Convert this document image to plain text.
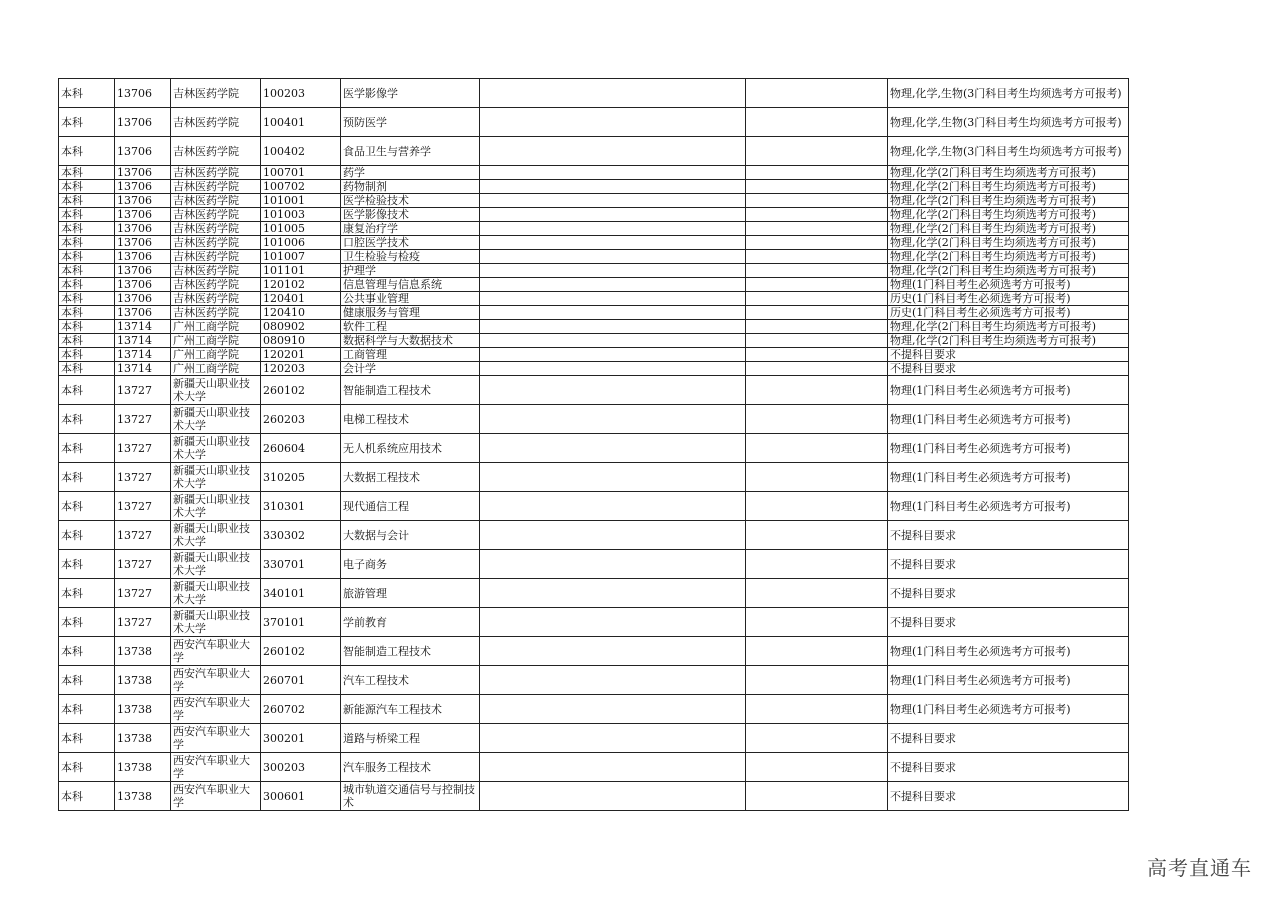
本科	13706	吉林医药学院	100203	医学影像学			物理,化学,生物(3门科目考生均须选考方可报考)
本科	13706	吉林医药学院	100401	预防医学			物理,化学,生物(3门科目考生均须选考方可报考)
本科	13706	吉林医药学院	100402	食品卫生与营养学			物理,化学,生物(3门科目考生均须选考方可报考)
本科	13706	吉林医药学院	100701	药学			物理,化学(2门科目考生均须选考方可报考)
本科	13706	吉林医药学院	100702	药物制剂			物理,化学(2门科目考生均须选考方可报考)
本科	13706	吉林医药学院	101001	医学检验技术			物理,化学(2门科目考生均须选考方可报考)
本科	13706	吉林医药学院	101003	医学影像技术			物理,化学(2门科目考生均须选考方可报考)
本科	13706	吉林医药学院	101005	康复治疗学			物理,化学(2门科目考生均须选考方可报考)
本科	13706	吉林医药学院	101006	口腔医学技术			物理,化学(2门科目考生均须选考方可报考)
本科	13706	吉林医药学院	101007	卫生检验与检疫			物理,化学(2门科目考生均须选考方可报考)
本科	13706	吉林医药学院	101101	护理学			物理,化学(2门科目考生均须选考方可报考)
本科	13706	吉林医药学院	120102	信息管理与信息系统			物理(1门科目考生必须选考方可报考)
本科	13706	吉林医药学院	120401	公共事业管理			历史(1门科目考生必须选考方可报考)
本科	13706	吉林医药学院	120410	健康服务与管理			历史(1门科目考生必须选考方可报考)
本科	13714	广州工商学院	080902	软件工程			物理,化学(2门科目考生均须选考方可报考)
本科	13714	广州工商学院	080910	数据科学与大数据技术			物理,化学(2门科目考生均须选考方可报考)
本科	13714	广州工商学院	120201	工商管理			不提科目要求
本科	13714	广州工商学院	120203	会计学			不提科目要求
本科	13727	新疆天山职业技术大学	260102	智能制造工程技术			物理(1门科目考生必须选考方可报考)
本科	13727	新疆天山职业技术大学	260203	电梯工程技术			物理(1门科目考生必须选考方可报考)
本科	13727	新疆天山职业技术大学	260604	无人机系统应用技术			物理(1门科目考生必须选考方可报考)
本科	13727	新疆天山职业技术大学	310205	大数据工程技术			物理(1门科目考生必须选考方可报考)
本科	13727	新疆天山职业技术大学	310301	现代通信工程			物理(1门科目考生必须选考方可报考)
本科	13727	新疆天山职业技术大学	330302	大数据与会计			不提科目要求
本科	13727	新疆天山职业技术大学	330701	电子商务			不提科目要求
本科	13727	新疆天山职业技术大学	340101	旅游管理			不提科目要求
本科	13727	新疆天山职业技术大学	370101	学前教育			不提科目要求
本科	13738	西安汽车职业大学	260102	智能制造工程技术			物理(1门科目考生必须选考方可报考)
本科	13738	西安汽车职业大学	260701	汽车工程技术			物理(1门科目考生必须选考方可报考)
本科	13738	西安汽车职业大学	260702	新能源汽车工程技术			物理(1门科目考生必须选考方可报考)
本科	13738	西安汽车职业大学	300201	道路与桥梁工程			不提科目要求
本科	13738	西安汽车职业大学	300203	汽车服务工程技术			不提科目要求
本科	13738	西安汽车职业大学	300601	城市轨道交通信号与控制技术			不提科目要求
高考直通车
